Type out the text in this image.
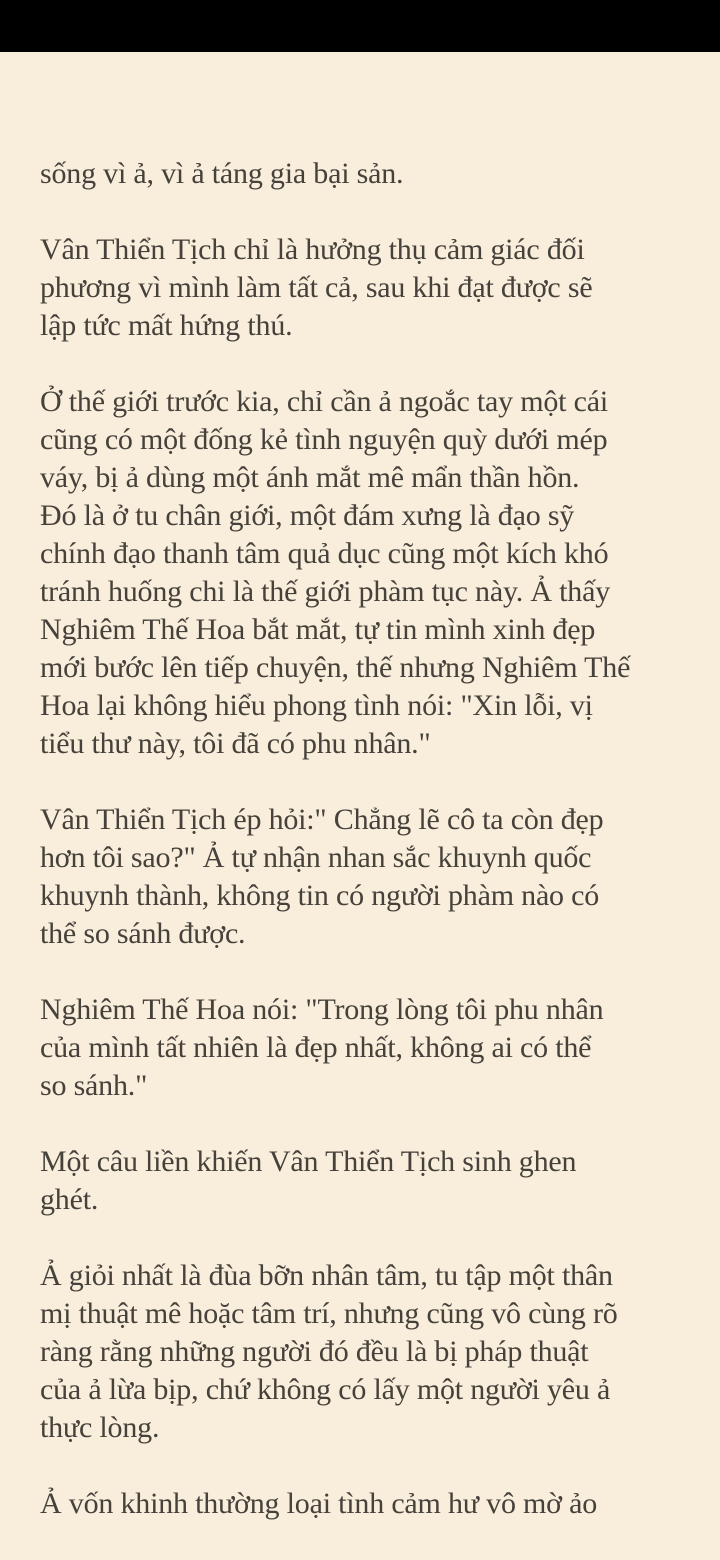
sống vì ả, vì ả táng gia bại sản.
Vân Thiển Tịch chỉ là hưởng thụ cảm giác đối
phương vì mình làm tất cả, sau khi đạt được sẽ
lập tức mất hứng thú.
Ở thế giới trước kia, chỉ cần ả ngoắc tay một cái
cũng có một đống kẻ tình nguyện quỳ dưới mép
váy, bị ả dùng một ánh mắt mê mẩn thần hồn.
Đó là ở tu chân giới, một đám xưng là đạo sỹ
chính đạo thanh tâm quả dục cũng một kích khó
tránh huống chi là thế giới phàm tục này. Ả thấy
Nghiêm Thế Hoa bắt mắt, tự tin mình xinh đẹp
mới bước lên tiếp chuyện, thế nhưng Nghiêm Thế
Hoa lại không hiểu phong tình nói: "Xin lỗi, vị
tiểu thư này, tôi đã có phu nhân."
Vân Thiển Tịch ép hỏi:" Chẳng lẽ cô ta còn đẹp
hơn tôi sao?" Ả tự nhận nhan sắc khuynh quốc
khuynh thành, không tin có người phàm nào có
thể so sánh được.
Nghiêm Thế Hoa nói: "Trong lòng tôi phu nhân
của mình tất nhiên là đẹp nhất, không ai có thể
so sánh."
Một câu liền khiến Vân Thiển Tịch sinh ghen
ghét.
Ả giỏi nhất là đùa bỡn nhân tâm, tu tập một thân
mị thuật mê hoặc tâm trí, nhưng cũng vô cùng rõ
ràng rằng những người đó đều là bị pháp thuật
của ả lừa bịp, chứ không có lấy một người yêu ả
thực lòng.
Ả vốn khinh thường loại tình cảm hư vô mờ ảo
